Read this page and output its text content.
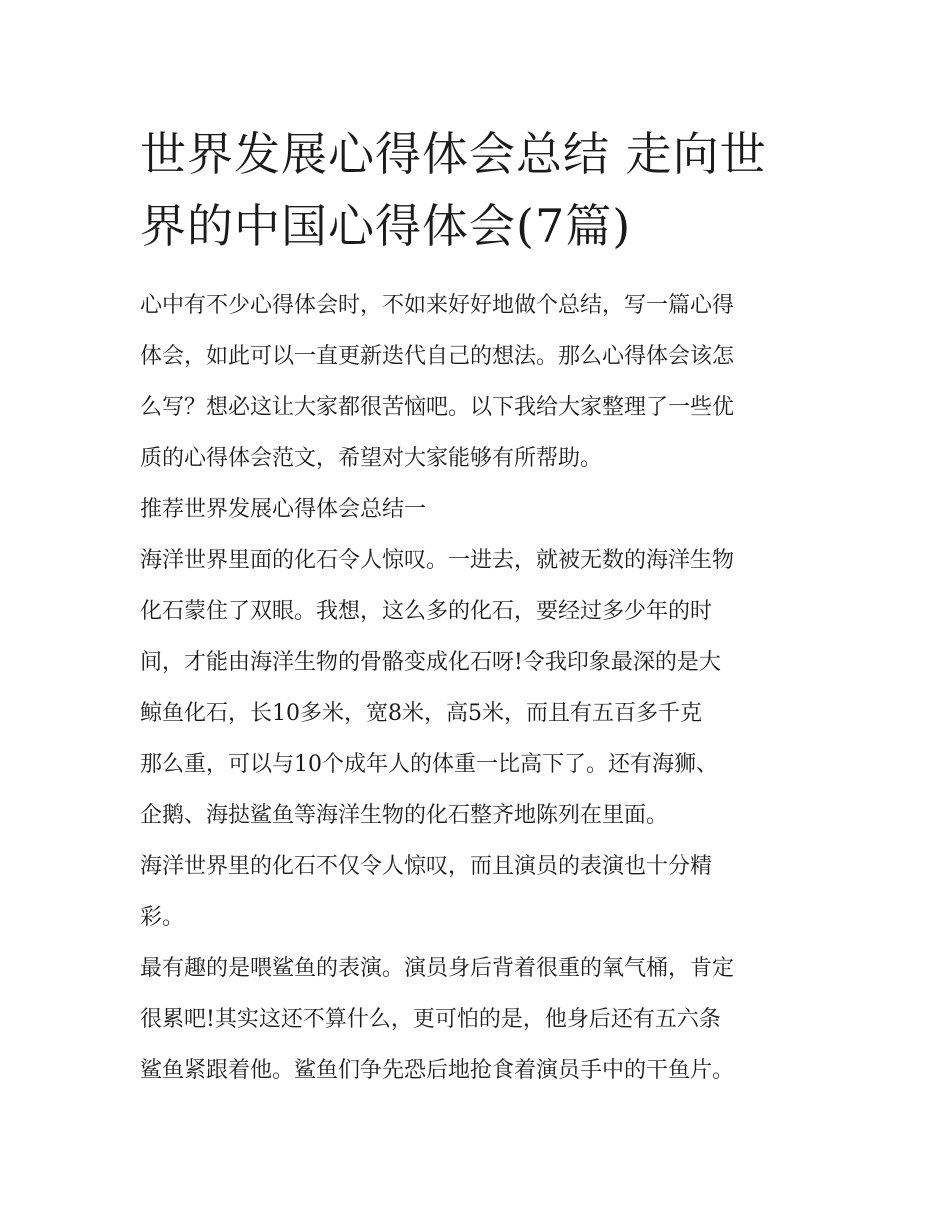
世界发展心得体会总结 走向世
界的中国心得体会(7篇)

心中有不少心得体会时，不如来好好地做个总结，写一篇心得
体会，如此可以一直更新迭代自己的想法。那么心得体会该怎
么写？想必这让大家都很苦恼吧。以下我给大家整理了一些优
质的心得体会范文，希望对大家能够有所帮助。

推荐世界发展心得体会总结一

海洋世界里面的化石令人惊叹。一进去，就被无数的海洋生物
化石蒙住了双眼。我想，这么多的化石，要经过多少年的时
间，才能由海洋生物的骨骼变成化石呀!令我印象最深的是大
鲸鱼化石，长10多米，宽8米，高5米，而且有五百多千克
那么重，可以与10个成年人的体重一比高下了。还有海狮、
企鹅、海挞鲨鱼等海洋生物的化石整齐地陈列在里面。

海洋世界里的化石不仅令人惊叹，而且演员的表演也十分精
彩。

最有趣的是喂鲨鱼的表演。演员身后背着很重的氧气桶，肯定
很累吧!其实这还不算什么，更可怕的是，他身后还有五六条
鲨鱼紧跟着他。鲨鱼们争先恐后地抢食着演员手中的干鱼片。
